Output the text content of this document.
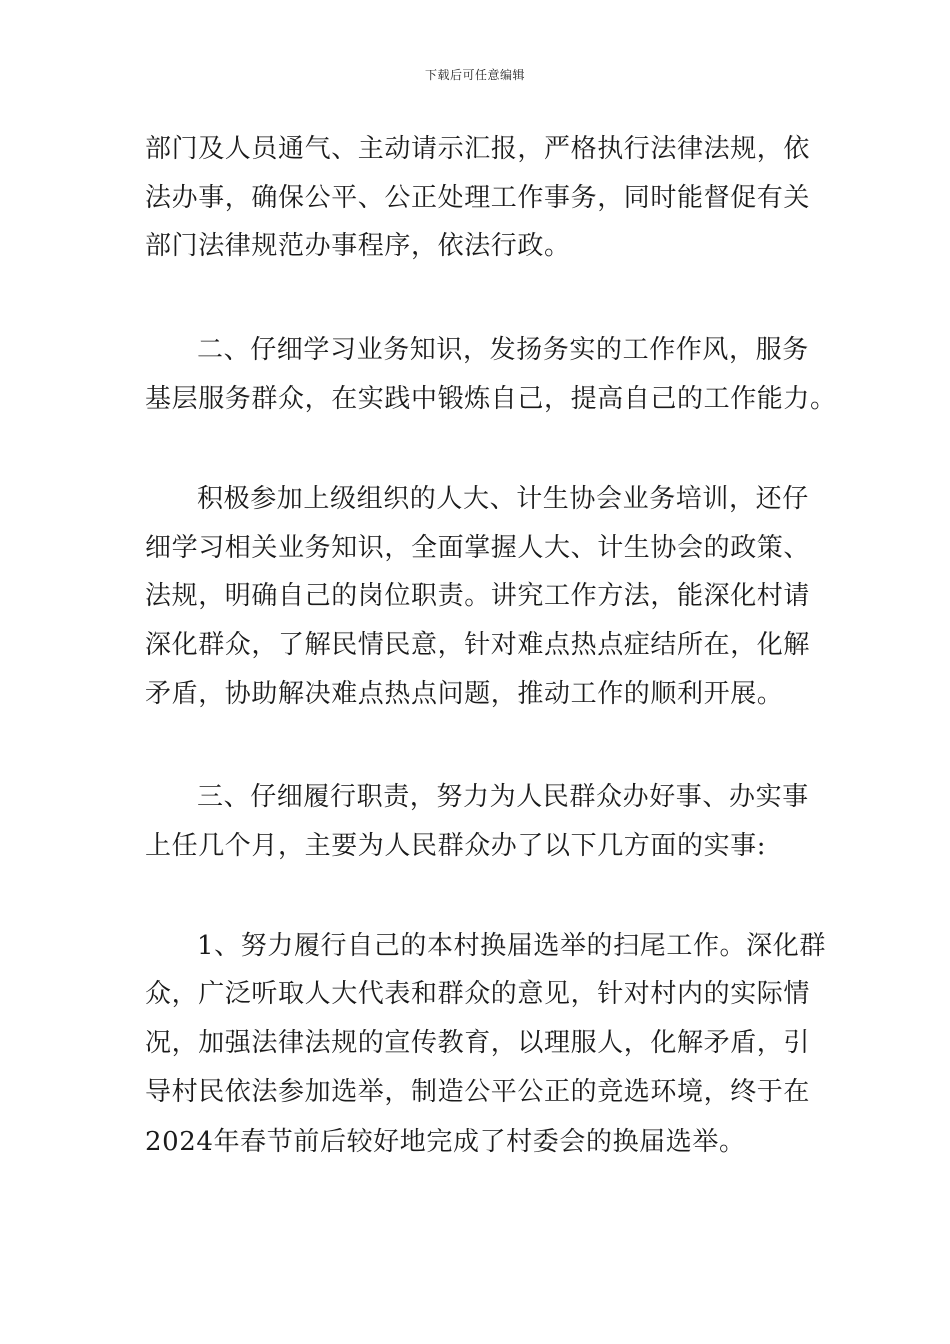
下载后可任意编辑
部门及人员通气、主动请示汇报，严格执行法律法规，依
法办事，确保公平、公正处理工作事务，同时能督促有关
部门法律规范办事程序，依法行政。
二、仔细学习业务知识，发扬务实的工作作风，服务
基层服务群众，在实践中锻炼自己，提高自己的工作能力。
积极参加上级组织的人大、计生协会业务培训，还仔
细学习相关业务知识，全面掌握人大、计生协会的政策、
法规，明确自己的岗位职责。讲究工作方法，能深化村请
深化群众，了解民情民意，针对难点热点症结所在，化解
矛盾，协助解决难点热点问题，推动工作的顺利开展。
三、仔细履行职责，努力为人民群众办好事、办实事
上任几个月，主要为人民群众办了以下几方面的实事:
1、努力履行自己的本村换届选举的扫尾工作。深化群
众，广泛听取人大代表和群众的意见，针对村内的实际情
况，加强法律法规的宣传教育，以理服人，化解矛盾，引
导村民依法参加选举，制造公平公正的竞选环境，终于在
2024年春节前后较好地完成了村委会的换届选举。
